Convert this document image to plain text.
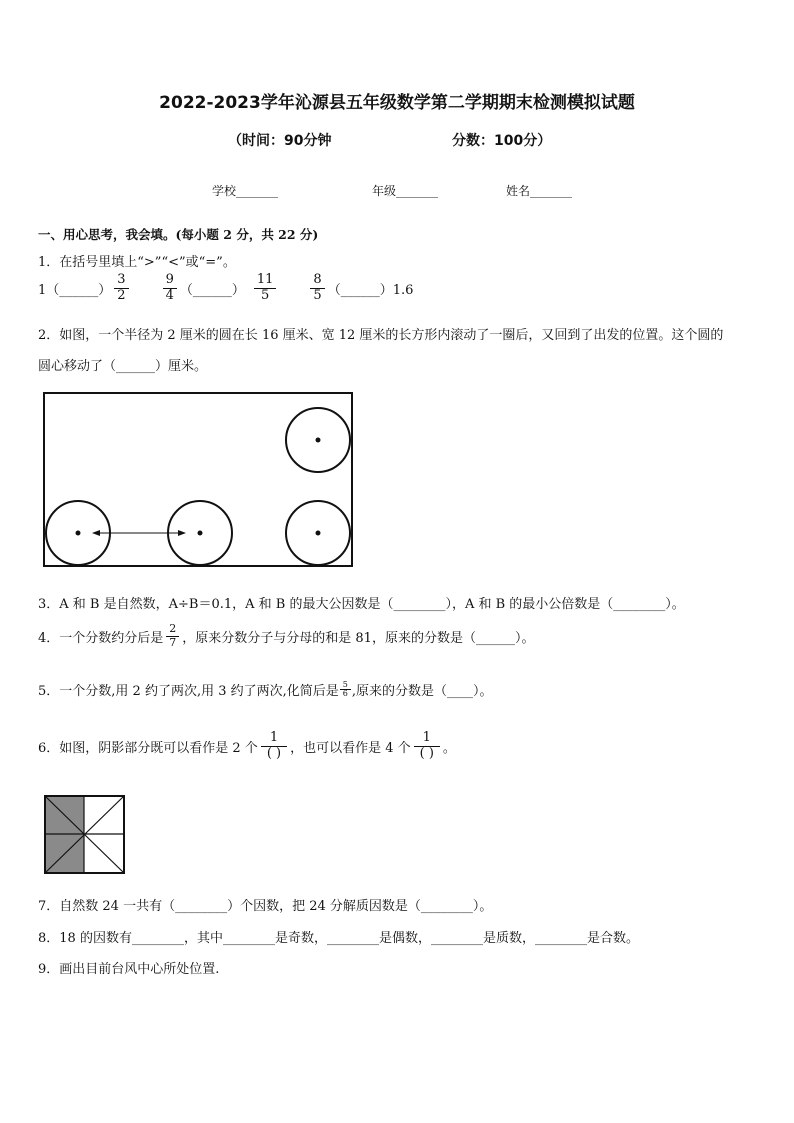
2022-2023学年沁源县五年级数学第二学期期末检测模拟试题
（时间：90分钟	分数：100分）
学校_______	年级_______	姓名_______
一、用心思考，我会填。(每小题 2 分，共 22 分)
1．在括号里填上“>”“<”或“=”。
1（______） $\frac{3}{2}$	$\frac{9}{4}$ （______） $\frac{11}{5}$	$\frac{8}{5}$ （______）1.6
2．如图，一个半径为 2 厘米的圆在长 16 厘米、宽 12 厘米的长方形内滚动了一圈后，又回到了出发的位置。这个圆的
圆心移动了（______）厘米。
3．A 和 B 是自然数，A÷B＝0.1，A 和 B 的最大公因数是（________），A 和 B 的最小公倍数是（________）。
4．一个分数约分后是 $\frac{2}{7}$ ，原来分数分子与分母的和是 81，原来的分数是（______）。
5．一个分数,用 2 约了两次,用 3 约了两次,化简后是 $\frac{5}{6}$ ,原来的分数是（____）。
6．如图，阴影部分既可以看作是 2 个 $\frac{1}{( )}$ ，也可以看作是 4 个 $\frac{1}{( )}$ 。
7．自然数 24 一共有（________）个因数，把 24 分解质因数是（________）。
8．18 的因数有________，其中________是奇数，________是偶数，________是质数，________是合数。
9．画出目前台风中心所处位置.
